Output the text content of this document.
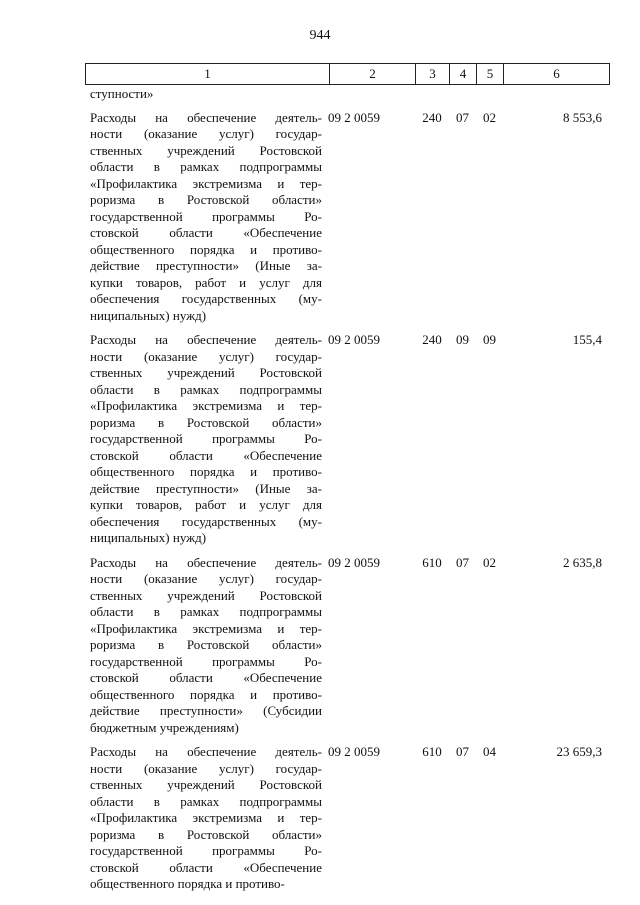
944
1	2	3	4	5	6
ступности»
Расходы на обеспечение деятель-
ности (оказание услуг) государ-
ственных учреждений Ростовской
области в рамках подпрограммы
«Профилактика экстремизма и тер-
роризма в Ростовской области»
государственной программы Ро-
стовской области «Обеспечение
общественного порядка и противо-
действие преступности» (Иные за-
купки товаров, работ и услуг для
обеспечения государственных (му-
ниципальных) нужд)
09 2 0059	240	07	02	8 553,6
Расходы на обеспечение деятель-
ности (оказание услуг) государ-
ственных учреждений Ростовской
области в рамках подпрограммы
«Профилактика экстремизма и тер-
роризма в Ростовской области»
государственной программы Ро-
стовской области «Обеспечение
общественного порядка и противо-
действие преступности» (Иные за-
купки товаров, работ и услуг для
обеспечения государственных (му-
ниципальных) нужд)
09 2 0059	240	09	09	155,4
Расходы на обеспечение деятель-
ности (оказание услуг) государ-
ственных учреждений Ростовской
области в рамках подпрограммы
«Профилактика экстремизма и тер-
роризма в Ростовской области»
государственной программы Ро-
стовской области «Обеспечение
общественного порядка и противо-
действие преступности» (Субсидии
бюджетным учреждениям)
09 2 0059	610	07	02	2 635,8
Расходы на обеспечение деятель-
ности (оказание услуг) государ-
ственных учреждений Ростовской
области в рамках подпрограммы
«Профилактика экстремизма и тер-
роризма в Ростовской области»
государственной программы Ро-
стовской области «Обеспечение
общественного порядка и противо-
09 2 0059	610	07	04	23 659,3
